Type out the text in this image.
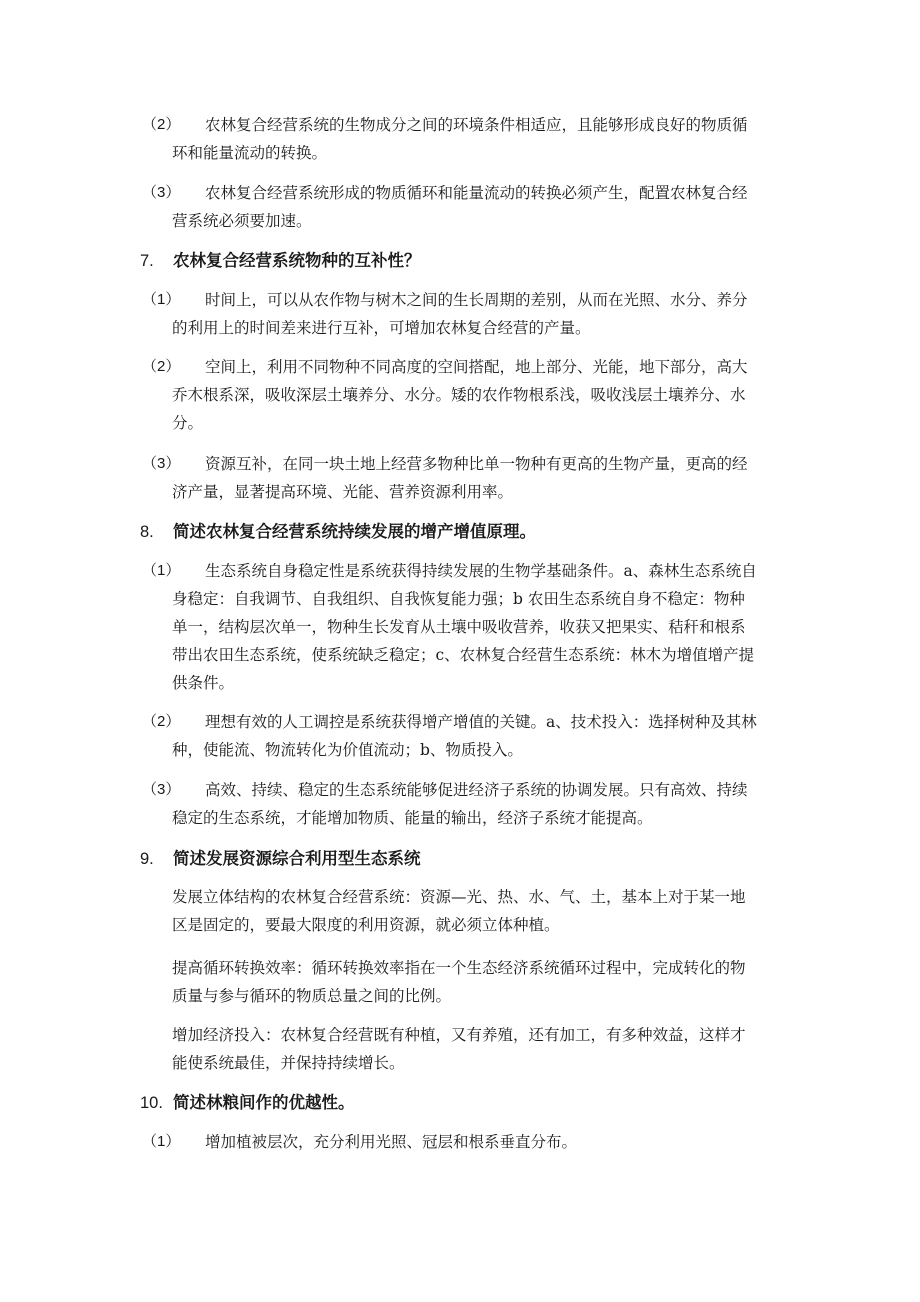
（2） 农林复合经营系统的生物成分之间的环境条件相适应，且能够形成良好的物质循
环和能量流动的转换。
（3） 农林复合经营系统形成的物质循环和能量流动的转换必须产生，配置农林复合经
营系统必须要加速。
7. 农林复合经营系统物种的互补性？
（1） 时间上，可以从农作物与树木之间的生长周期的差别，从而在光照、水分、养分
的利用上的时间差来进行互补，可增加农林复合经营的产量。
（2） 空间上，利用不同物种不同高度的空间搭配，地上部分、光能，地下部分，高大
乔木根系深，吸收深层土壤养分、水分。矮的农作物根系浅，吸收浅层土壤养分、水
分。
（3） 资源互补，在同一块土地上经营多物种比单一物种有更高的生物产量，更高的经
济产量，显著提高环境、光能、营养资源利用率。
8. 简述农林复合经营系统持续发展的增产增值原理。
（1） 生态系统自身稳定性是系统获得持续发展的生物学基础条件。a、森林生态系统自
身稳定：自我调节、自我组织、自我恢复能力强；b 农田生态系统自身不稳定：物种
单一，结构层次单一，物种生长发育从土壤中吸收营养，收获又把果实、秸秆和根系
带出农田生态系统，使系统缺乏稳定；c、农林复合经营生态系统：林木为增值增产提
供条件。
（2） 理想有效的人工调控是系统获得增产增值的关键。a、技术投入：选择树种及其林
种，使能流、物流转化为价值流动；b、物质投入。
（3） 高效、持续、稳定的生态系统能够促进经济子系统的协调发展。只有高效、持续
稳定的生态系统，才能增加物质、能量的输出，经济子系统才能提高。
9. 简述发展资源综合利用型生态系统
发展立体结构的农林复合经营系统：资源—光、热、水、气、土，基本上对于某一地
区是固定的，要最大限度的利用资源，就必须立体种植。
提高循环转换效率：循环转换效率指在一个生态经济系统循环过程中，完成转化的物
质量与参与循环的物质总量之间的比例。
增加经济投入：农林复合经营既有种植，又有养殖，还有加工，有多种效益，这样才
能使系统最佳，并保持持续增长。
10. 简述林粮间作的优越性。
（1） 增加植被层次，充分利用光照、冠层和根系垂直分布。
